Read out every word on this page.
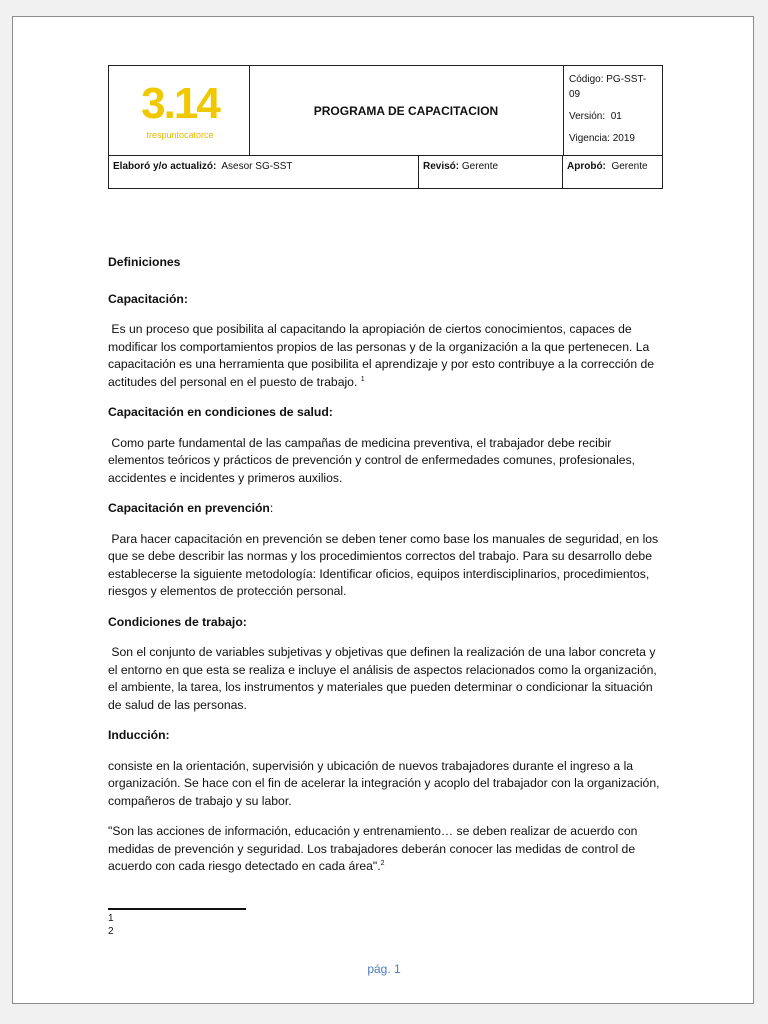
3.14
trespuntocatorce
PROGRAMA DE CAPACITACION
Código: PG-SST-
09
Versión: 01
Vigencia: 2019
Elaboró y/o actualizó: Asesor SG-SST	Revisó: Gerente	Aprobó: Gerente
Definiciones
Capacitación:
Es un proceso que posibilita al capacitando la apropiación de ciertos conocimientos, capaces de modificar los comportamientos propios de las personas y de la organización a la que pertenecen. La capacitación es una herramienta que posibilita el aprendizaje y por esto contribuye a la corrección de actitudes del personal en el puesto de trabajo. $^1$
Capacitación en condiciones de salud:
Como parte fundamental de las campañas de medicina preventiva, el trabajador debe recibir elementos teóricos y prácticos de prevención y control de enfermedades comunes, profesionales, accidentes e incidentes y primeros auxilios.
Capacitación en prevención:
Para hacer capacitación en prevención se deben tener como base los manuales de seguridad, en los que se debe describir las normas y los procedimientos correctos del trabajo. Para su desarrollo debe establecerse la siguiente metodología: Identificar oficios, equipos interdisciplinarios, procedimientos, riesgos y elementos de protección personal.
Condiciones de trabajo:
Son el conjunto de variables subjetivas y objetivas que definen la realización de una labor concreta y el entorno en que esta se realiza e incluye el análisis de aspectos relacionados como la organización, el ambiente, la tarea, los instrumentos y materiales que pueden determinar o condicionar la situación de salud de las personas.
Inducción:
consiste en la orientación, supervisión y ubicación de nuevos trabajadores durante el ingreso a la organización. Se hace con el fin de acelerar la integración y acoplo del trabajador con la organización, compañeros de trabajo y su labor.
"Son las acciones de información, educación y entrenamiento… se deben realizar de acuerdo con medidas de prevención y seguridad. Los trabajadores deberán conocer las medidas de control de acuerdo con cada riesgo detectado en cada área".$^2$
1
2
pág. 1
